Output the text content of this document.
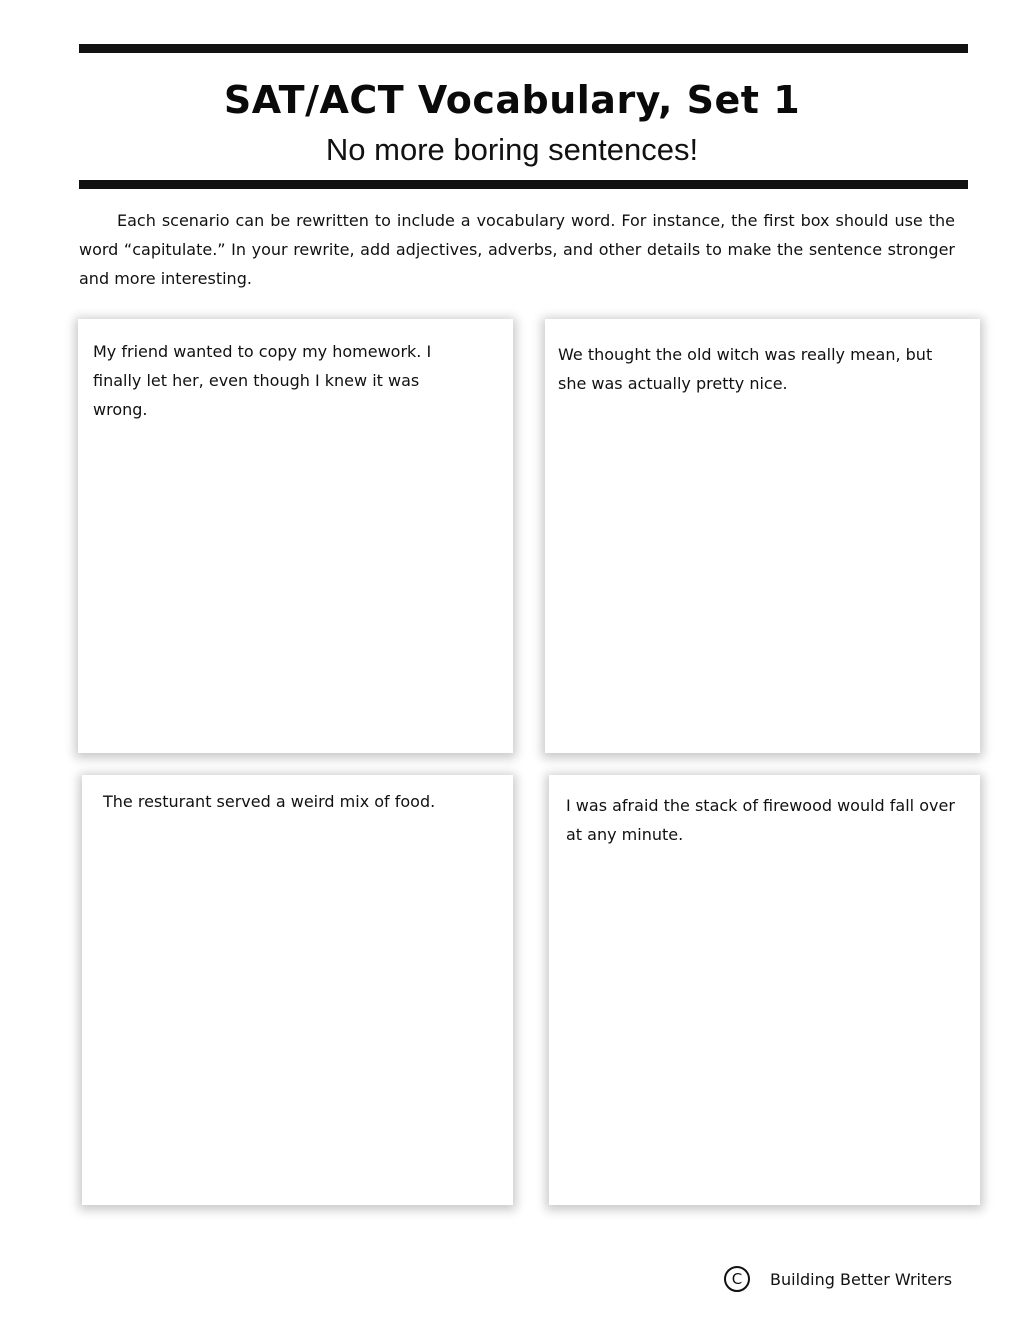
SAT/ACT Vocabulary, Set 1
No more boring sentences!
Each scenario can be rewritten to include a vocabulary word. For instance, the first box should use the word “capitulate.” In your rewrite, add adjectives, adverbs, and other details to make the sentence stronger and more interesting.
My friend wanted to copy my homework. I finally let her, even though I knew it was wrong.
We thought the old witch was really mean, but she was actually pretty nice.
The resturant served a weird mix of food.	I was afraid the stack of firewood would fall over at any minute.
C	Building Better Writers
